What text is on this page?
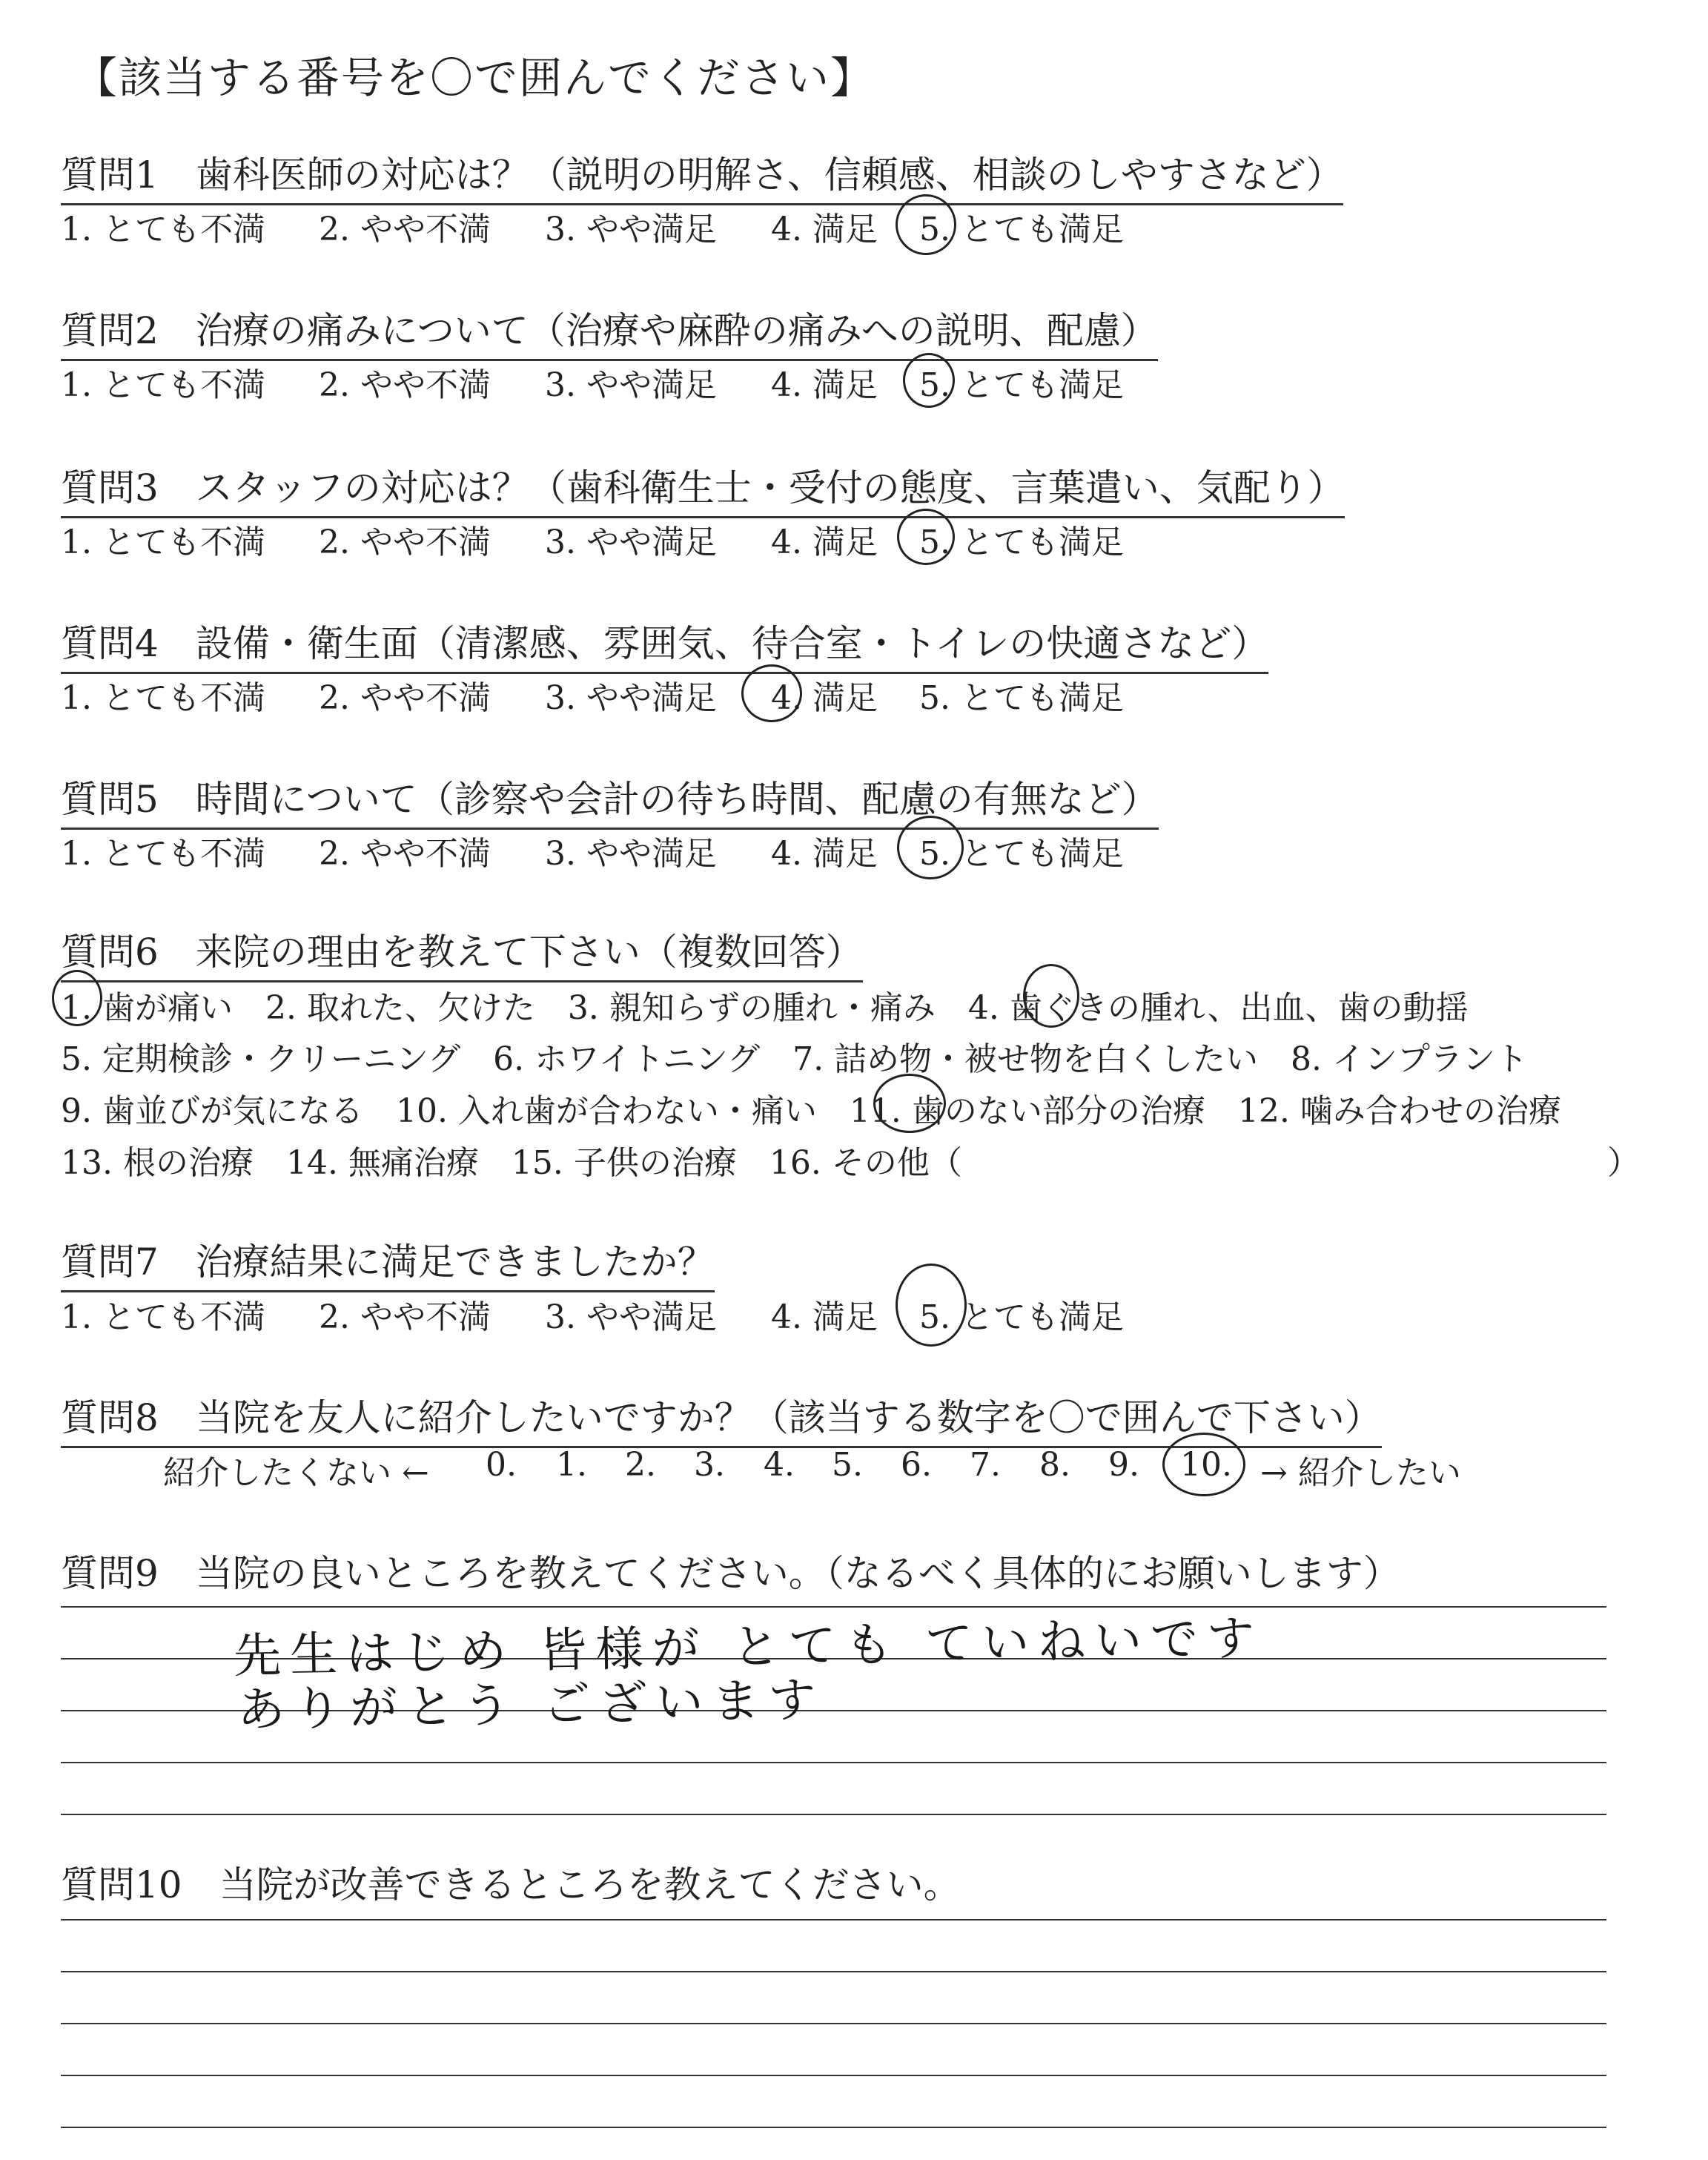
【該当する番号を〇で囲んでください】
質問1　歯科医師の対応は？（説明の明解さ、信頼感、相談のしやすさなど）
1. とても不満 2. やや不満 3. やや満足 4. 満足 5. とても満足
質問2　治療の痛みについて（治療や麻酔の痛みへの説明、配慮）
1. とても不満 2. やや不満 3. やや満足 4. 満足 5. とても満足
質問3　スタッフの対応は？（歯科衛生士・受付の態度、言葉遣い、気配り）
1. とても不満 2. やや不満 3. やや満足 4. 満足 5. とても満足
質問4　設備・衛生面（清潔感、雰囲気、待合室・トイレの快適さなど）
1. とても不満 2. やや不満 3. やや満足 4. 満足 5. とても満足
質問5　時間について（診察や会計の待ち時間、配慮の有無など）
1. とても不満 2. やや不満 3. やや満足 4. 満足 5. とても満足
質問6　来院の理由を教えて下さい（複数回答）
1. 歯が痛い　2. 取れた、欠けた　3. 親知らずの腫れ・痛み　4. 歯ぐきの腫れ、出血、歯の動揺
5. 定期検診・クリーニング　6. ホワイトニング　7. 詰め物・被せ物を白くしたい　8. インプラント
9. 歯並びが気になる　10. 入れ歯が合わない・痛い　11. 歯のない部分の治療　12. 噛み合わせの治療
13. 根の治療　14. 無痛治療　15. 子供の治療　16. その他（	）
質問7　治療結果に満足できましたか？
1. とても不満 2. やや不満 3. やや満足 4. 満足 5. とても満足
質問8　当院を友人に紹介したいですか？（該当する数字を〇で囲んで下さい）
紹介したくない ← 0. 1. 2. 3. 4. 5. 6. 7. 8. 9. 10. → 紹介したい
質問9　当院の良いところを教えてください。（なるべく具体的にお願いします）
先生はじめ 皆様が とても ていねいです
ありがとう ございます
質問10　当院が改善できるところを教えてください。
